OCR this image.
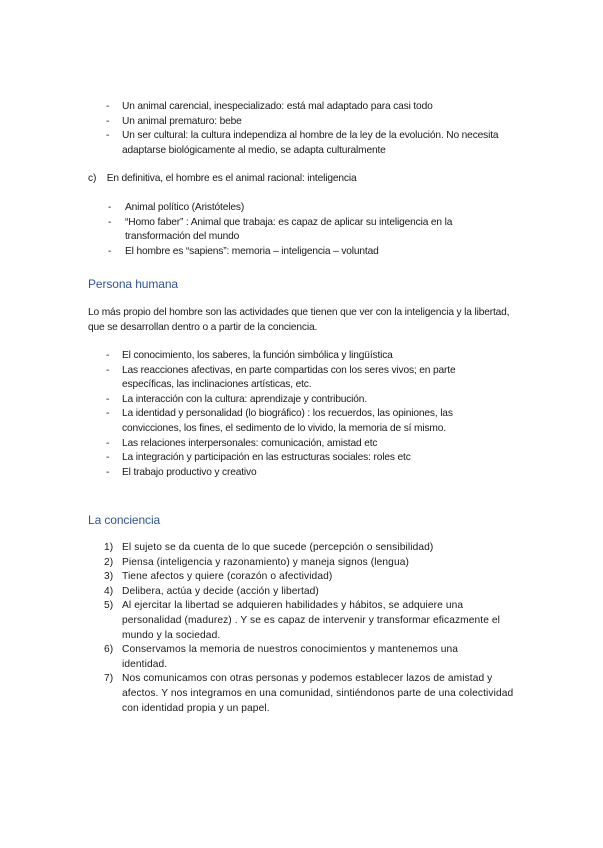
- Un animal carencial, inespecializado: está mal adaptado para casi todo
- Un animal prematuro: bebe
- Un ser cultural: la cultura independiza al hombre de la ley de la evolución. No necesita adaptarse biológicamente al medio, se adapta culturalmente
c) En definitiva, el hombre es el animal racional: inteligencia
- Animal político (Aristóteles)
- “Homo faber” : Animal que trabaja: es capaz de aplicar su inteligencia en la transformación del mundo
- El hombre es “sapiens”: memoria – inteligencia – voluntad
Persona humana
Lo más propio del hombre son las actividades que tienen que ver con la inteligencia y la libertad, que se desarrollan dentro o a partir de la conciencia.
- El conocimiento, los saberes, la función simbólica y lingüística
- Las reacciones afectivas, en parte compartidas con los seres vivos; en parte específicas, las inclinaciones artísticas, etc.
- La interacción con la cultura: aprendizaje y contribución.
- La identidad y personalidad (lo biográfico) : los recuerdos, las opiniones, las convicciones, los fines, el sedimento de lo vivido, la memoria de sí mismo.
- Las relaciones interpersonales: comunicación, amistad etc
- La integración y participación en las estructuras sociales: roles etc
- El trabajo productivo y creativo
La conciencia
1) El sujeto se da cuenta de lo que sucede (percepción o sensibilidad)
2) Piensa (inteligencia y razonamiento) y maneja signos (lengua)
3) Tiene afectos y quiere (corazón o afectividad)
4) Delibera, actúa y decide (acción y libertad)
5) Al ejercitar la libertad se adquieren habilidades y hábitos, se adquiere una personalidad (madurez) . Y se es capaz de intervenir y transformar eficazmente el mundo y la sociedad.
6) Conservamos la memoria de nuestros conocimientos y mantenemos una identidad.
7) Nos comunicamos con otras personas y podemos establecer lazos de amistad y afectos. Y nos integramos en una comunidad, sintiéndonos parte de una colectividad con identidad propia y un papel.
